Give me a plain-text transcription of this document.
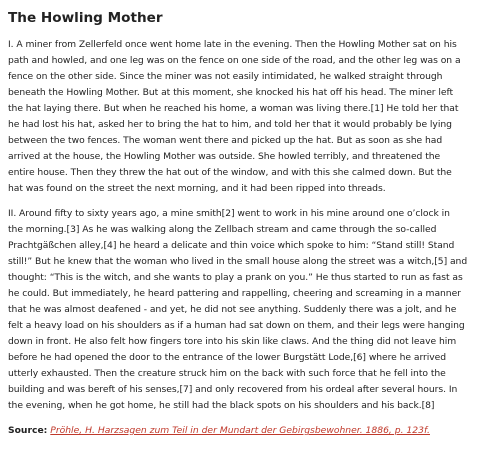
The Howling Mother
I. A miner from Zellerfeld once went home late in the evening. Then the Howling Mother sat on his
path and howled, and one leg was on the fence on one side of the road, and the other leg was on a
fence on the other side. Since the miner was not easily intimidated, he walked straight through
beneath the Howling Mother. But at this moment, she knocked his hat off his head. The miner left
the hat laying there. But when he reached his home, a woman was living there.[1] He told her that
he had lost his hat, asked her to bring the hat to him, and told her that it would probably be lying
between the two fences. The woman went there and picked up the hat. But as soon as she had
arrived at the house, the Howling Mother was outside. She howled terribly, and threatened the
entire house. Then they threw the hat out of the window, and with this she calmed down. But the
hat was found on the street the next morning, and it had been ripped into threads.
II. Around fifty to sixty years ago, a mine smith[2] went to work in his mine around one o’clock in
the morning.[3] As he was walking along the Zellbach stream and came through the so-called
Prachtgäßchen alley,[4] he heard a delicate and thin voice which spoke to him: “Stand still! Stand
still!” But he knew that the woman who lived in the small house along the street was a witch,[5] and
thought: “This is the witch, and she wants to play a prank on you.” He thus started to run as fast as
he could. But immediately, he heard pattering and rappelling, cheering and screaming in a manner
that he was almost deafened - and yet, he did not see anything. Suddenly there was a jolt, and he
felt a heavy load on his shoulders as if a human had sat down on them, and their legs were hanging
down in front. He also felt how fingers tore into his skin like claws. And the thing did not leave him
before he had opened the door to the entrance of the lower Burgstätt Lode,[6] where he arrived
utterly exhausted. Then the creature struck him on the back with such force that he fell into the
building and was bereft of his senses,[7] and only recovered from his ordeal after several hours. In
the evening, when he got home, he still had the black spots on his shoulders and his back.[8]
Source: Pröhle, H. Harzsagen zum Teil in der Mundart der Gebirgsbewohner. 1886, p. 123f.
